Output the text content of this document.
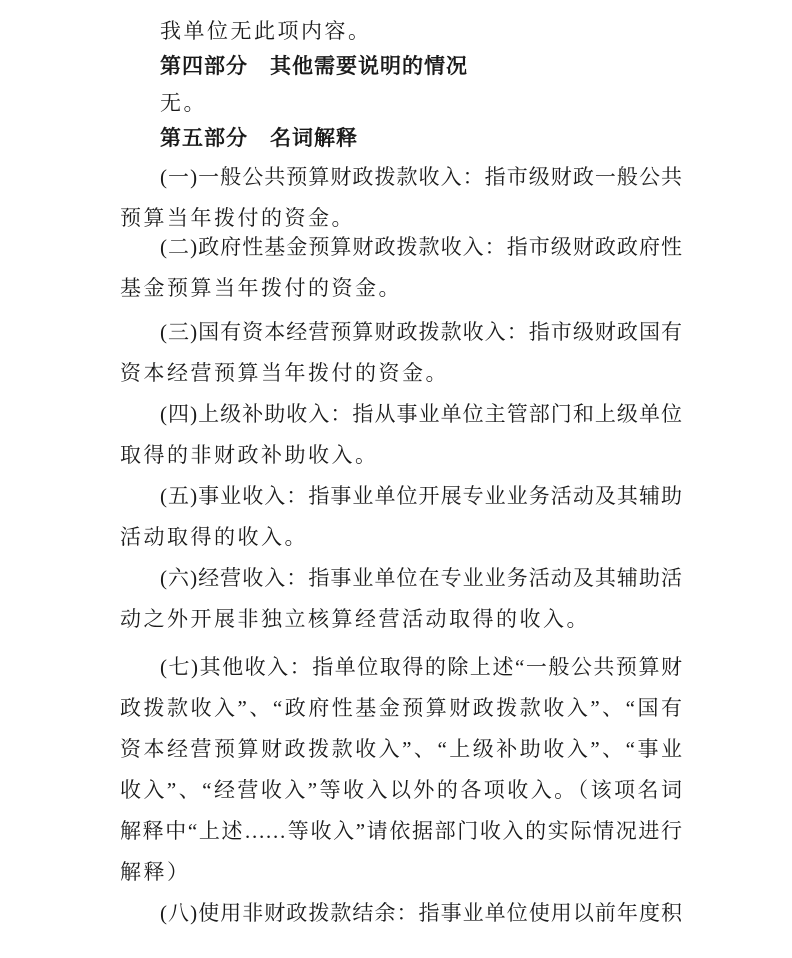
我单位无此项内容。
第四部分　其他需要说明的情况
无。
第五部分　名词解释
(一)一般公共预算财政拨款收入：指市级财政一般公共
预算当年拨付的资金。
(二)政府性基金预算财政拨款收入：指市级财政政府性
基金预算当年拨付的资金。
(三)国有资本经营预算财政拨款收入：指市级财政国有
资本经营预算当年拨付的资金。
(四)上级补助收入：指从事业单位主管部门和上级单位
取得的非财政补助收入。
(五)事业收入：指事业单位开展专业业务活动及其辅助
活动取得的收入。
(六)经营收入：指事业单位在专业业务活动及其辅助活
动之外开展非独立核算经营活动取得的收入。
(七)其他收入：指单位取得的除上述“一般公共预算财
政拨款收入”、“政府性基金预算财政拨款收入”、“国有
资本经营预算财政拨款收入”、“上级补助收入”、“事业
收入”、“经营收入”等收入以外的各项收入。（该项名词
解释中“上述……等收入”请依据部门收入的实际情况进行
解释）
(八)使用非财政拨款结余：指事业单位使用以前年度积
